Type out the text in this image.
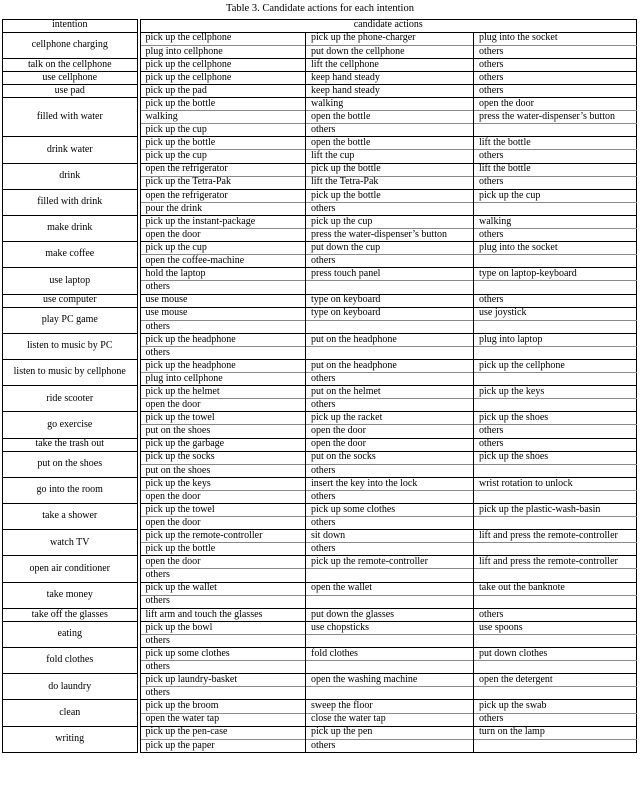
Table 3. Candidate actions for each intention
intention	candidate actions		
cellphone charging	pick up the cellphone	pick up the phone-charger	plug into the socket
	plug into cellphone	put down the cellphone	others
talk on the cellphone	pick up the cellphone	lift the cellphone	others
use cellphone	pick up the cellphone	keep hand steady	others
use pad	pick up the pad	keep hand steady	others
filled with water	pick up the bottle	walking	open the door
	walking	open the bottle	press the water-dispenser’s button
	pick up the cup	others	
drink water	pick up the bottle	open the bottle	lift the bottle
	pick up the cup	lift the cup	others
drink	open the refrigerator	pick up the bottle	lift the bottle
	pick up the Tetra-Pak	lift the Tetra-Pak	others
filled with drink	open the refrigerator	pick up the bottle	pick up the cup
	pour the drink	others	
make drink	pick up the instant-package	pick up the cup	walking
	open the door	press the water-dispenser’s button	others
make coffee	pick up the cup	put down the cup	plug into the socket
	open the coffee-machine	others	
use laptop	hold the laptop	press touch panel	type on laptop-keyboard
	others		
use computer	use mouse	type on keyboard	others
play PC game	use mouse	type on keyboard	use joystick
	others		
listen to music by PC	pick up the headphone	put on the headphone	plug into laptop
	others		
listen to music by cellphone	pick up the headphone	put on the headphone	pick up the cellphone
	plug into cellphone	others	
ride scooter	pick up the helmet	put on the helmet	pick up the keys
	open the door	others	
go exercise	pick up the towel	pick up the racket	pick up the shoes
	put on the shoes	open the door	others
take the trash out	pick up the garbage	open the door	others
put on the shoes	pick up the socks	put on the socks	pick up the shoes
	put on the shoes	others	
go into the room	pick up the keys	insert the key into the lock	wrist rotation to unlock
	open the door	others	
take a shower	pick up the towel	pick up some clothes	pick up the plastic-wash-basin
	open the door	others	
watch TV	pick up the remote-controller	sit down	lift and press the remote-controller
	pick up the bottle	others	
open air conditioner	open the door	pick up the remote-controller	lift and press the remote-controller
	others		
take money	pick up the wallet	open the wallet	take out the banknote
	others		
take off the glasses	lift arm and touch the glasses	put down the glasses	others
eating	pick up the bowl	use chopsticks	use spoons
	others		
fold clothes	pick up some clothes	fold clothes	put down clothes
	others		
do laundry	pick up laundry-basket	open the washing machine	open the detergent
	others		
clean	pick up the broom	sweep the floor	pick up the swab
	open the water tap	close the water tap	others
writing	pick up the pen-case	pick up the pen	turn on the lamp
	pick up the paper	others	
